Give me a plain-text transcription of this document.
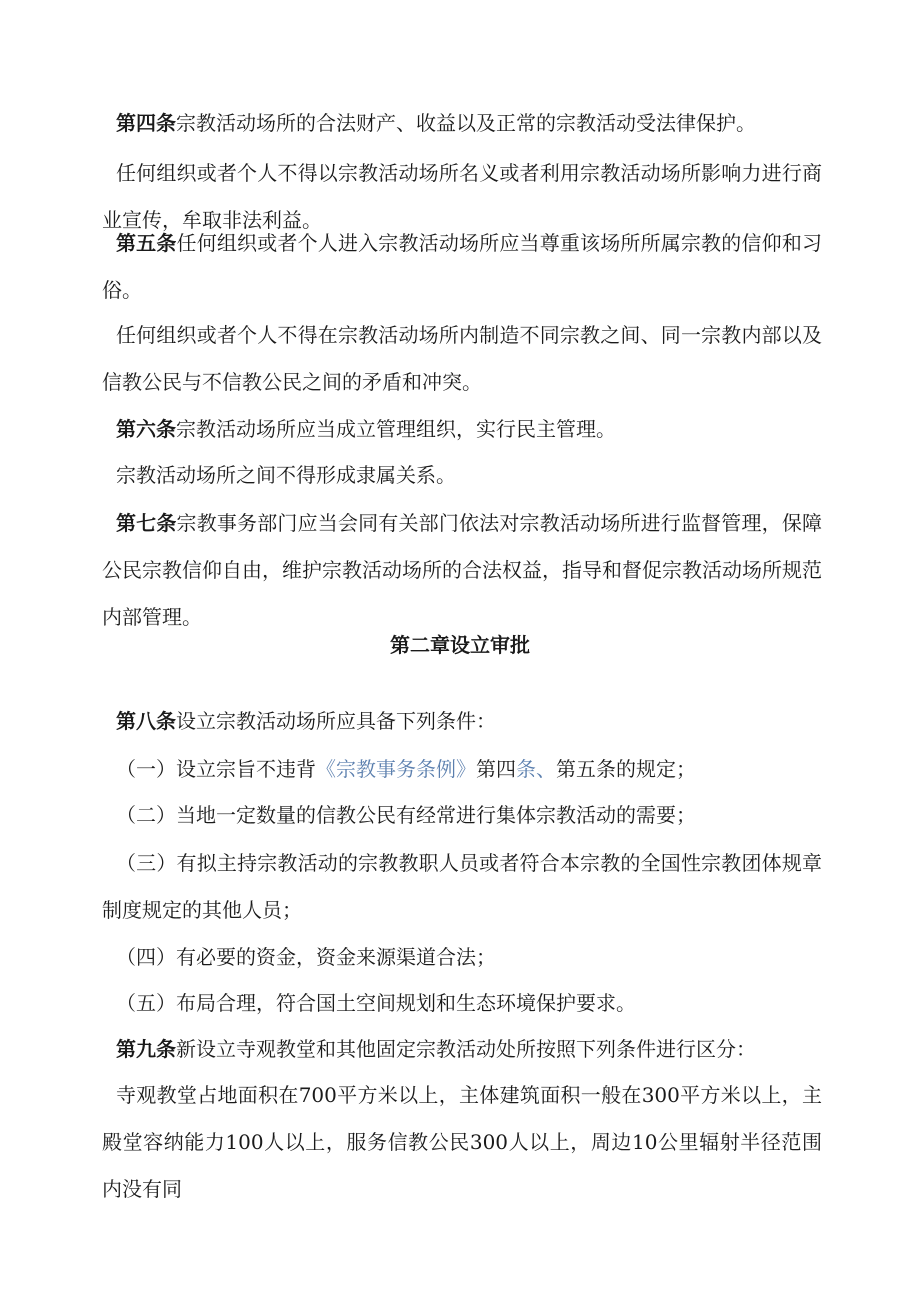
第四条宗教活动场所的合法财产、收益以及正常的宗教活动受法律保护。

任何组织或者个人不得以宗教活动场所名义或者利用宗教活动场所影响力进行商业宣传，牟取非法利益。

第五条任何组织或者个人进入宗教活动场所应当尊重该场所所属宗教的信仰和习俗。

任何组织或者个人不得在宗教活动场所内制造不同宗教之间、同一宗教内部以及信教公民与不信教公民之间的矛盾和冲突。

第六条宗教活动场所应当成立管理组织，实行民主管理。

宗教活动场所之间不得形成隶属关系。

第七条宗教事务部门应当会同有关部门依法对宗教活动场所进行监督管理，保障公民宗教信仰自由，维护宗教活动场所的合法权益，指导和督促宗教活动场所规范内部管理。

第二章设立审批

第八条设立宗教活动场所应具备下列条件：

（一）设立宗旨不违背《宗教事务条例》第四条、第五条的规定；

（二）当地一定数量的信教公民有经常进行集体宗教活动的需要；

（三）有拟主持宗教活动的宗教教职人员或者符合本宗教的全国性宗教团体规章制度规定的其他人员；

（四）有必要的资金，资金来源渠道合法；

（五）布局合理，符合国土空间规划和生态环境保护要求。

第九条新设立寺观教堂和其他固定宗教活动处所按照下列条件进行区分：

寺观教堂占地面积在700平方米以上，主体建筑面积一般在300平方米以上，主殿堂容纳能力100人以上，服务信教公民300人以上，周边10公里辐射半径范围内没有同
